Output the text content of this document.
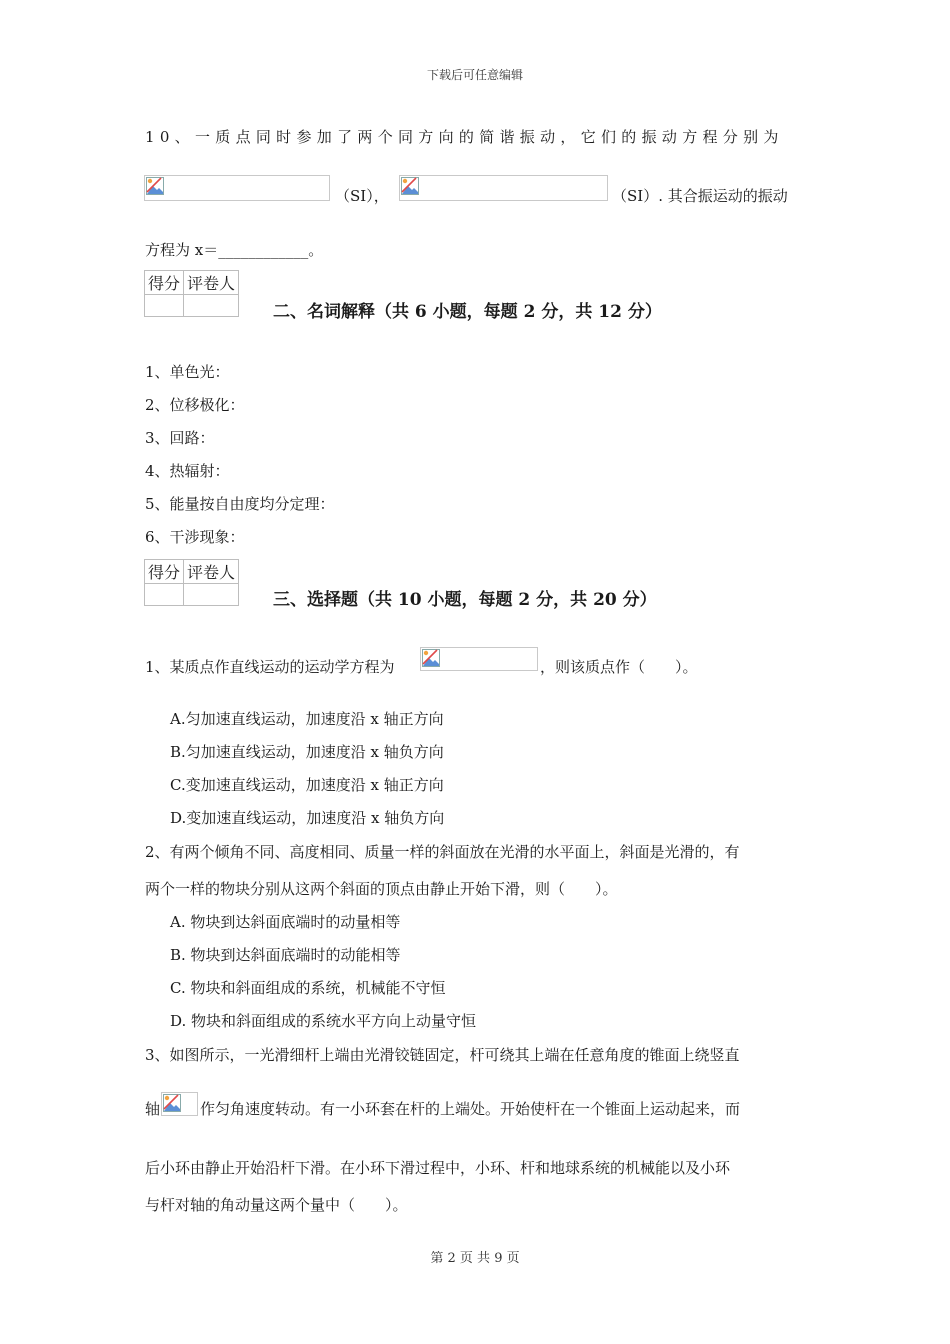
下载后可任意编辑
第 2 页 共 9 页
10、一质点同时参加了两个同方向的简谐振动，它们的振动方程分别为
（SI），	（SI）. 其合振运动的振动
方程为 x＝____________。
得分	评卷人

二、名词解释（共 6 小题，每题 2 分，共 12 分）
1、单色光：
2、位移极化：
3、回路：
4、热辐射：
5、能量按自由度均分定理：
6、干涉现象：
得分	评卷人

三、选择题（共 10 小题，每题 2 分，共 20 分）
1、某质点作直线运动的运动学方程为	，则该质点作（　　）。
A.匀加速直线运动，加速度沿 x 轴正方向
B.匀加速直线运动，加速度沿 x 轴负方向
C.变加速直线运动，加速度沿 x 轴正方向
D.变加速直线运动，加速度沿 x 轴负方向
2、有两个倾角不同、高度相同、质量一样的斜面放在光滑的水平面上，斜面是光滑的，有
两个一样的物块分别从这两个斜面的顶点由静止开始下滑，则（　　）。
A. 物块到达斜面底端时的动量相等
B. 物块到达斜面底端时的动能相等
C. 物块和斜面组成的系统，机械能不守恒
D. 物块和斜面组成的系统水平方向上动量守恒
3、如图所示，一光滑细杆上端由光滑铰链固定，杆可绕其上端在任意角度的锥面上绕竖直
轴	作匀角速度转动。有一小环套在杆的上端处。开始使杆在一个锥面上运动起来，而
后小环由静止开始沿杆下滑。在小环下滑过程中，小环、杆和地球系统的机械能以及小环
与杆对轴的角动量这两个量中（　　）。
